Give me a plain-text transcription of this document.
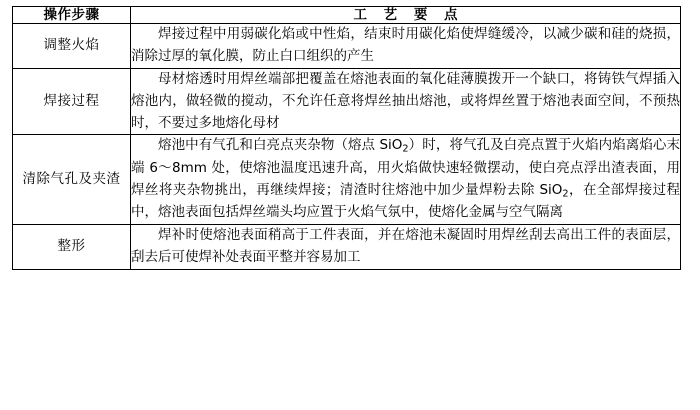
操作步骤	工 艺 要 点
调整火焰	焊接过程中用弱碳化焰或中性焰，结束时用碳化焰使焊缝缓冷，以减少碳和硅的烧损，消除过厚的氧化膜，防止白口组织的产生

焊接过程	母材熔透时用焊丝端部把覆盖在熔池表面的氧化硅薄膜拨开一个缺口，将铸铁气焊插入熔池内，做轻微的搅动，不允许任意将焊丝抽出熔池，或将焊丝置于熔池表面空间，不预热时，不要过多地熔化母材

清除气孔及夹渣	熔池中有气孔和白亮点夹杂物（熔点 SiO$_2$）时，将气孔及白亮点置于火焰内焰离焰心末端 6～8mm 处，使熔池温度迅速升高，用火焰做快速轻微摆动，使白亮点浮出渣表面，用焊丝将夹杂物挑出，再继续焊接；清渣时往熔池中加少量焊粉去除 SiO$_2$，在全部焊接过程中，熔池表面包括焊丝端头均应置于火焰气氛中，使熔化金属与空气隔离

整形	焊补时使熔池表面稍高于工件表面，并在熔池未凝固时用焊丝刮去高出工件的表面层，刮去后可使焊补处表面平整并容易加工
